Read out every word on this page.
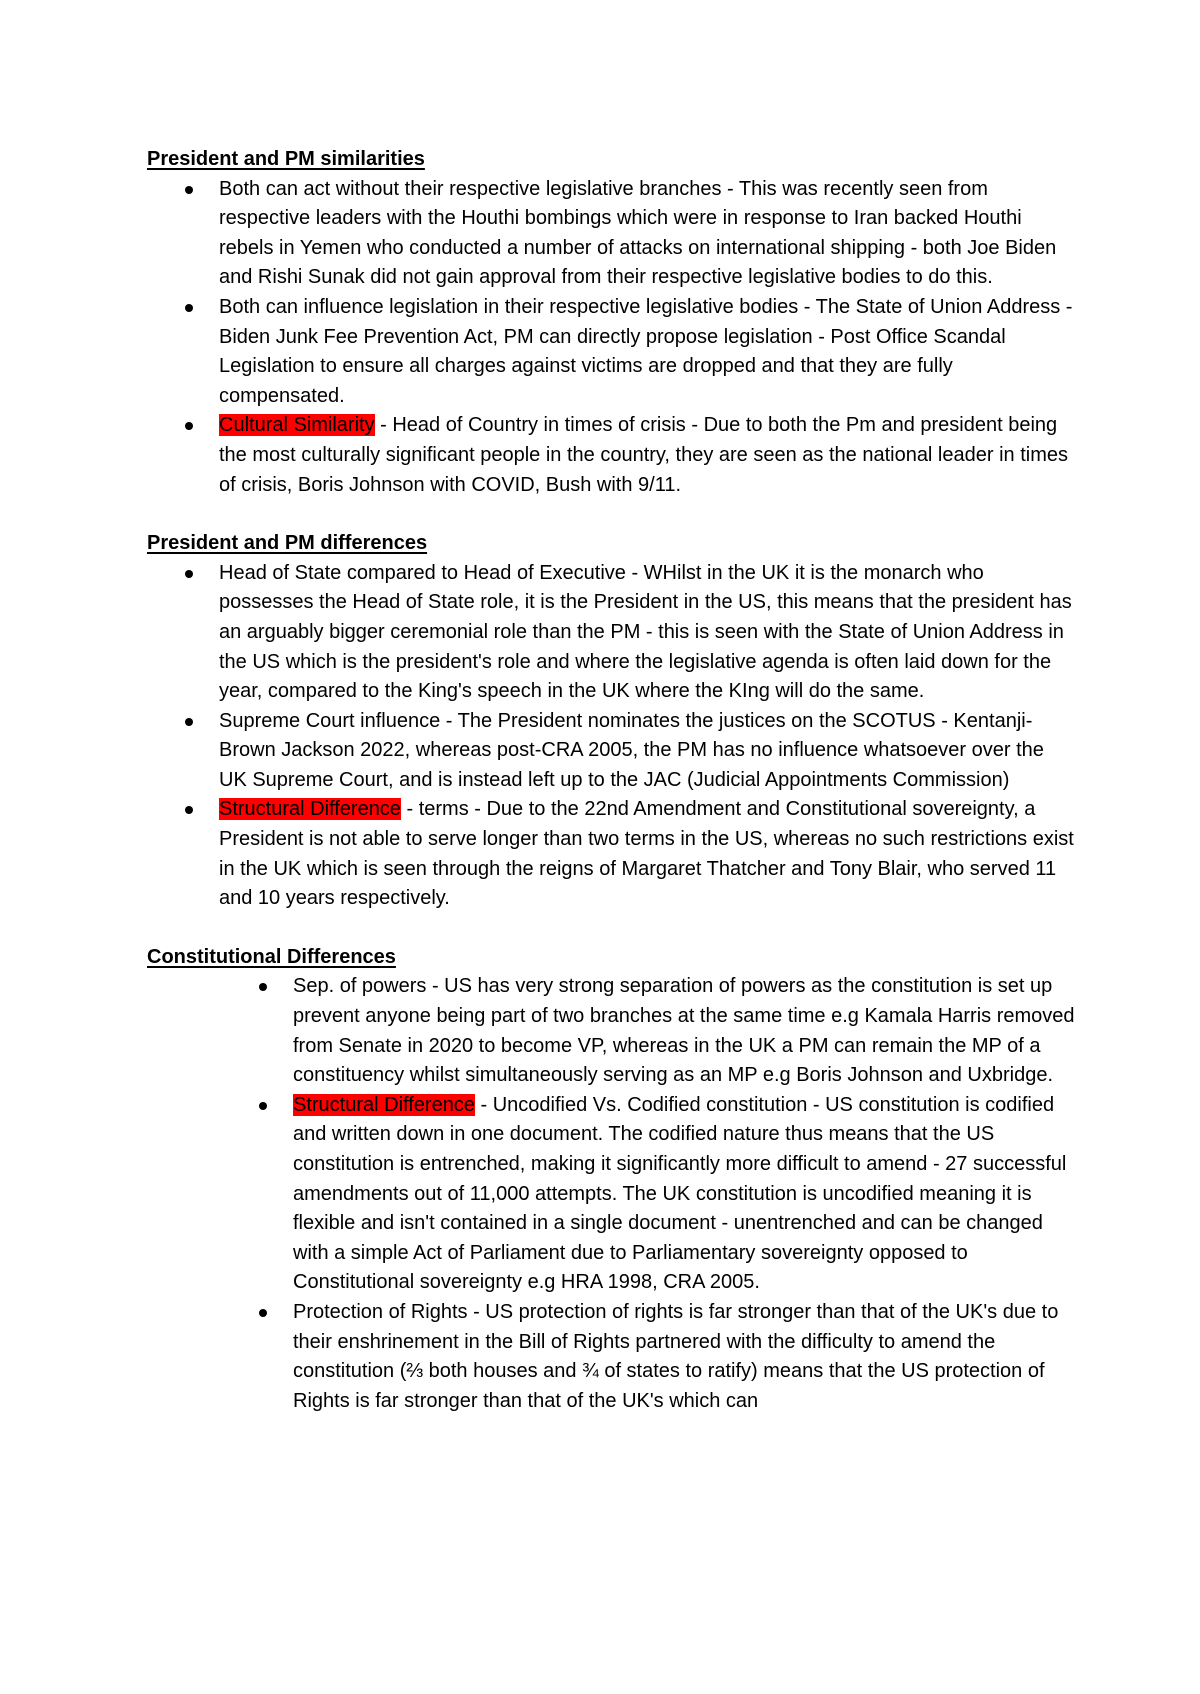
President and PM similarities

Both can act without their respective legislative branches - This was recently seen from respective leaders with the Houthi bombings which were in response to Iran backed Houthi rebels in Yemen who conducted a number of attacks on international shipping - both Joe Biden and Rishi Sunak did not gain approval from their respective legislative bodies to do this.
Both can influence legislation in their respective legislative bodies - The State of Union Address - Biden Junk Fee Prevention Act, PM can directly propose legislation - Post Office Scandal Legislation to ensure all charges against victims are dropped and that they are fully compensated.
Cultural Similarity - Head of Country in times of crisis - Due to both the Pm and president being the most culturally significant people in the country, they are seen as the national leader in times of crisis, Boris Johnson with COVID, Bush with 9/11.

President and PM differences

Head of State compared to Head of Executive - WHilst in the UK it is the monarch who possesses the Head of State role, it is the President in the US, this means that the president has an arguably bigger ceremonial role than the PM - this is seen with the State of Union Address in the US which is the president's role and where the legislative agenda is often laid down for the year, compared to the King's speech in the UK where the KIng will do the same.
Supreme Court influence - The President nominates the justices on the SCOTUS - Kentanji-Brown Jackson 2022, whereas post-CRA 2005, the PM has no influence whatsoever over the UK Supreme Court, and is instead left up to the JAC (Judicial Appointments Commission)
Structural Difference - terms - Due to the 22nd Amendment and Constitutional sovereignty, a President is not able to serve longer than two terms in the US, whereas no such restrictions exist in the UK which is seen through the reigns of Margaret Thatcher and Tony Blair, who served 11 and 10 years respectively.

Constitutional Differences

Sep. of powers - US has very strong separation of powers as the constitution is set up prevent anyone being part of two branches at the same time e.g Kamala Harris removed from Senate in 2020 to become VP, whereas in the UK a PM can remain the MP of a constituency whilst simultaneously serving as an MP e.g Boris Johnson and Uxbridge.
Structural Difference - Uncodified Vs. Codified constitution - US constitution is codified and written down in one document. The codified nature thus means that the US constitution is entrenched, making it significantly more difficult to amend - 27 successful amendments out of 11,000 attempts. The UK constitution is uncodified meaning it is flexible and isn't contained in a single document - unentrenched and can be changed with a simple Act of Parliament due to Parliamentary sovereignty opposed to Constitutional sovereignty e.g HRA 1998, CRA 2005.
Protection of Rights - US protection of rights is far stronger than that of the UK's due to their enshrinement in the Bill of Rights partnered with the difficulty to amend the constitution (⅔ both houses and ¾ of states to ratify) means that the US protection of Rights is far stronger than that of the UK's which can
